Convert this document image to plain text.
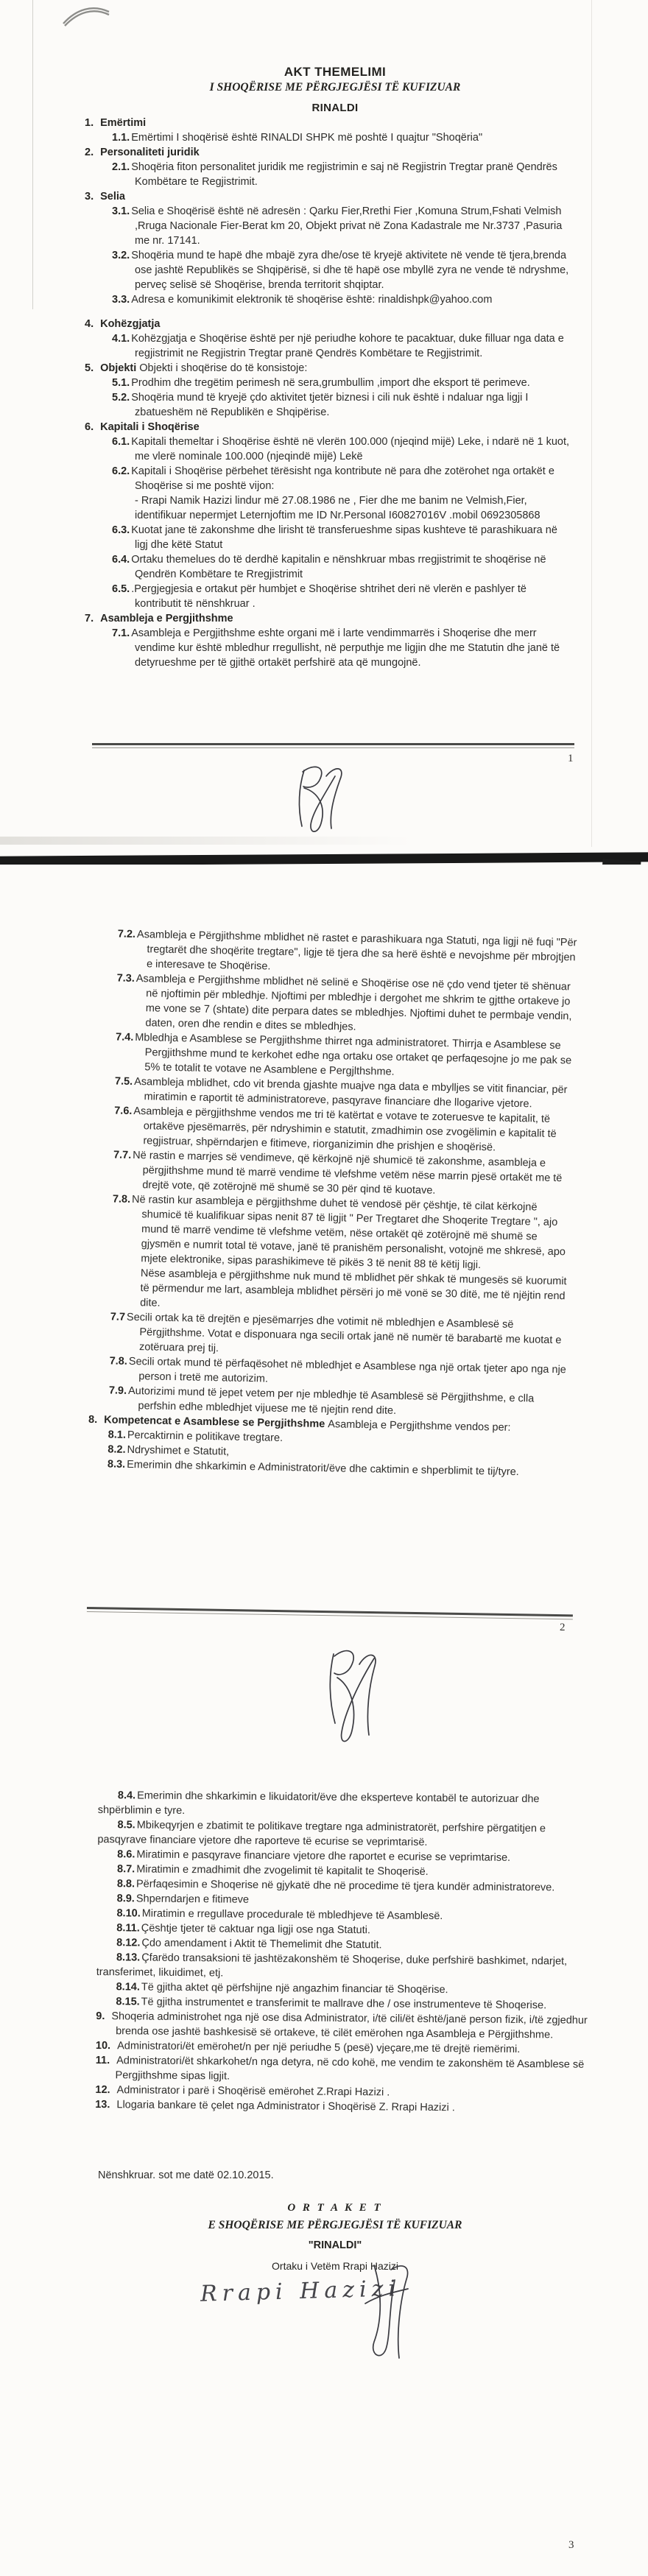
AKT THEMELIMI
I SHOQËRISE ME PËRGJEGJËSI TË KUFIZUAR
RINALDI
1. Emërtimi
1.1. Emërtimi I shoqërisë është RINALDI SHPK më poshtë I quajtur "Shoqëria"
2. Personaliteti juridik
2.1. Shoqëria fiton personalitet juridik me regjistrimin e saj në Regjistrin Tregtar pranë Qendrës Kombëtare te Regjistrimit.
3. Selia
3.1. Selia e Shoqërisë është në adresën : Qarku Fier,Rrethi Fier ,Komuna Strum,Fshati Velmish ,Rruga Nacionale Fier-Berat km 20, Objekt privat në Zona Kadastrale me Nr.3737 ,Pasuria me nr. 17141.
3.2. Shoqëria mund te hapë dhe mbajë zyra dhe/ose të kryejë aktivitete në vende të tjera,brenda ose jashtë Republikës se Shqipërisë, si dhe të hapë ose mbyllë zyra ne vende të ndryshme, perveç selisë së Shoqërise, brenda territorit shqiptar.
3.3. Adresa e komunikimit elektronik të shoqërise është: rinaldishpk@yahoo.com
4. Kohëzgjatja
4.1. Kohëzgjatja e Shoqërise është per një periudhe kohore te pacaktuar, duke filluar nga data e regjistrimit ne Regjistrin Tregtar pranë Qendrës Kombëtare te Regjistrimit.
5. Objekti Objekti i shoqërise do të konsistoje:
5.1. Prodhim dhe tregëtim perimesh në sera,grumbullim ,import dhe eksport të perimeve.
5.2. Shoqëria mund të kryejë çdo aktivitet tjetër biznesi i cili nuk është i ndaluar nga ligji I zbatueshëm në Republikën e Shqipërise.
6. Kapitali i Shoqërise
6.1. Kapitali themeltar i Shoqërise është në vlerën 100.000 (njeqind mijë) Leke, i ndarë në 1 kuot, me vlerë nominale 100.000 (njeqindë mijë) Lekë
6.2. Kapitali i Shoqërise përbehet tërësisht nga kontribute në para dhe zotërohet nga ortakët e Shoqërise si me poshtë vijon:
- Rrapi Namik Hazizi lindur më 27.08.1986 ne , Fier dhe me banim ne Velmish,Fier, identifikuar nepermjet Leternjoftim me ID Nr.Personal I60827016V .mobil 0692305868
6.3. Kuotat jane të zakonshme dhe lirisht të transferueshme sipas kushteve të parashikuara në ligj dhe këtë Statut
6.4. Ortaku themelues do të derdhë kapitalin e nënshkruar mbas rregjistrimit te shoqërise në Qendrën Kombëtare te Rregjistrimit
6.5. .Pergjegjesia e ortakut për humbjet e Shoqërise shtrihet deri në vlerën e pashlyer të kontributit të nënshkruar .
7. Asambleja e Pergjithshme
7.1. Asambleja e Pergjithshme eshte organi më i larte vendimmarrës i Shoqerise dhe merr vendime kur është mbledhur rregullisht, në perputhje me ligjin dhe me Statutin dhe janë të detyrueshme per të gjithë ortakët perfshirë ata që mungojnë.
1
7.2. Asambleja e Përgjithshme mblidhet në rastet e parashikuara nga Statuti, nga ligji në fuqi "Për tregtarët dhe shoqërite tregtare", ligje të tjera dhe sa herë është e nevojshme për mbrojtjen e interesave te Shoqërise.
7.3. Asambleja e Pergjithshme mblidhet në selinë e Shoqërise ose në çdo vend tjeter të shënuar në njoftimin për mbledhje. Njoftimi per mbledhje i dergohet me shkrim te gjtthe ortakeve jo me vone se 7 (shtate) dite perpara dates se mbledhjes. Njoftimi duhet te permbaje vendin, daten, oren dhe rendin e dites se mbledhjes.
7.4. Mbledhja e Asamblese se Pergjithshme thirret nga administratoret. Thirrja e Asamblese se Pergjithshme mund te kerkohet edhe nga ortaku ose ortaket qe perfaqesojne jo me pak se 5% te totalit te votave ne Asamblene e Pergjlthshme.
7.5. Asambleja mblidhet, cdo vit brenda gjashte muajve nga data e mbylljes se vitit financiar, për miratimin e raportit të administratoreve, pasqyrave financiare dhe llogarive vjetore.
7.6. Asambleja e përgjithshme vendos me tri të katërtat e votave te zoteruesve te kapitalit, të ortakëve pjesëmarrës, për ndryshimin e statutit, zmadhimin ose zvogëlimin e kapitalit të regjistruar, shpërndarjen e fitimeve, riorganizimin dhe prishjen e shoqërisë.
7.7. Në rastin e marrjes së vendimeve, që kërkojnë një shumicë të zakonshme, asambleja e përgjithshme mund të marrë vendime të vlefshme vetëm nëse marrin pjesë ortakët me të drejtë vote, që zotërojnë më shumë se 30 për qind të kuotave.
7.8. Në rastin kur asambleja e përgjithshme duhet të vendosë për çështje, të cilat kërkojnë shumicë të kualifikuar sipas nenit 87 të ligjit " Per Tregtaret dhe Shoqerite Tregtare ", ajo mund të marrë vendime të vlefshme vetëm, nëse ortakët që zotërojnë më shumë se gjysmën e numrit total të votave, janë të pranishëm personalisht, votojnë me shkresë, apo mjete elektronike, sipas parashikimeve të pikës 3 të nenit 88 të këtij ligji.
Nëse asambleja e përgjithshme nuk mund të mblidhet për shkak të mungesës së kuorumit të përmendur me lart, asambleja mblidhet përsëri jo më vonë se 30 ditë, me të njëjtin rend dite.
7.7 Secili ortak ka të drejtën e pjesëmarrjes dhe votimit në mbledhjen e Asamblesë së Përgjithshme. Votat e disponuara nga secili ortak janë në numër të barabartë me kuotat e zotëruara prej tij.
7.8. Secili ortak mund të përfaqësohet në mbledhjet e Asamblese nga një ortak tjeter apo nga nje person i tretë me autorizim.
7.9. Autorizimi mund të jepet vetem per nje mbledhje të Asamblesë së Përgjithshme, e clla perfshin edhe mbledhjet vijuese me të njejtin rend dite.
8. Kompetencat e Asamblese se Pergjithshme Asambleja e Pergjithshme vendos per:
8.1. Percaktirnin e politikave tregtare.
8.2. Ndryshimet e Statutit,
8.3. Emerimin dhe shkarkimin e Administratorit/ëve dhe caktimin e shperblimit te tij/tyre.
2
8.4. Emerimin dhe shkarkimin e likuidatorit/ëve dhe eksperteve kontabël te autorizuar dhe shpërblimin e tyre.
8.5. Mbikeqyrjen e zbatimit te politikave tregtare nga administratorët, perfshire përgatitjen e pasqyrave financiare vjetore dhe raporteve të ecurise se veprimtarisë.
8.6. Miratimin e pasqyrave financiare vjetore dhe raportet e ecurise se veprimtarise.
8.7. Miratimin e zmadhimit dhe zvogelimit të kapitalit te Shoqerisë.
8.8. Përfaqesimin e Shoqerise në gjykatë dhe në procedime të tjera kundër administratoreve.
8.9. Shperndarjen e fitimeve
8.10. Miratimin e rregullave procedurale të mbledhjeve të Asamblesë.
8.11. Çështje tjeter të caktuar nga ligji ose nga Statuti.
8.12. Çdo amendament i Aktit të Themelimit dhe Statutit.
8.13. Çfarëdo transaksioni të jashtëzakonshëm të Shoqerise, duke perfshirë bashkimet, ndarjet, transferimet, likuidimet, etj.
8.14. Të gjitha aktet që përfshijne një angazhim financiar të Shoqërise.
8.15. Të gjitha instrumentet e transferimit te mallrave dhe / ose instrumenteve të Shoqerise.
9. Shoqeria administrohet nga një ose disa Administrator, i/të cili/ët është/janë person fizik, i/të zgjedhur brenda ose jashtë bashkesisë së ortakeve, të cilët emërohen nga Asambleja e Përgjithshme.
10. Administratori/ët emërohet/n per një periudhe 5 (pesë) vjeçare,me të drejtë riemërimi.
11. Administratori/ët shkarkohet/n nga detyra, në cdo kohë, me vendim te zakonshëm të Asamblese së Pergjithshme sipas ligjit.
12. Administrator i parë i Shoqërisë emërohet Z.Rrapi Hazizi .
13. Llogaria bankare të çelet nga Administrator i Shoqërisë Z. Rrapi Hazizi .
Nënshkruar. sot me datë 02.10.2015.
O R T A K E T
E SHOQËRISE ME PËRGJEGJËSI TË KUFIZUAR
"RINALDI"
Ortaku i Vetëm Rrapi Hazizi
Rrapi Hazizi
3
